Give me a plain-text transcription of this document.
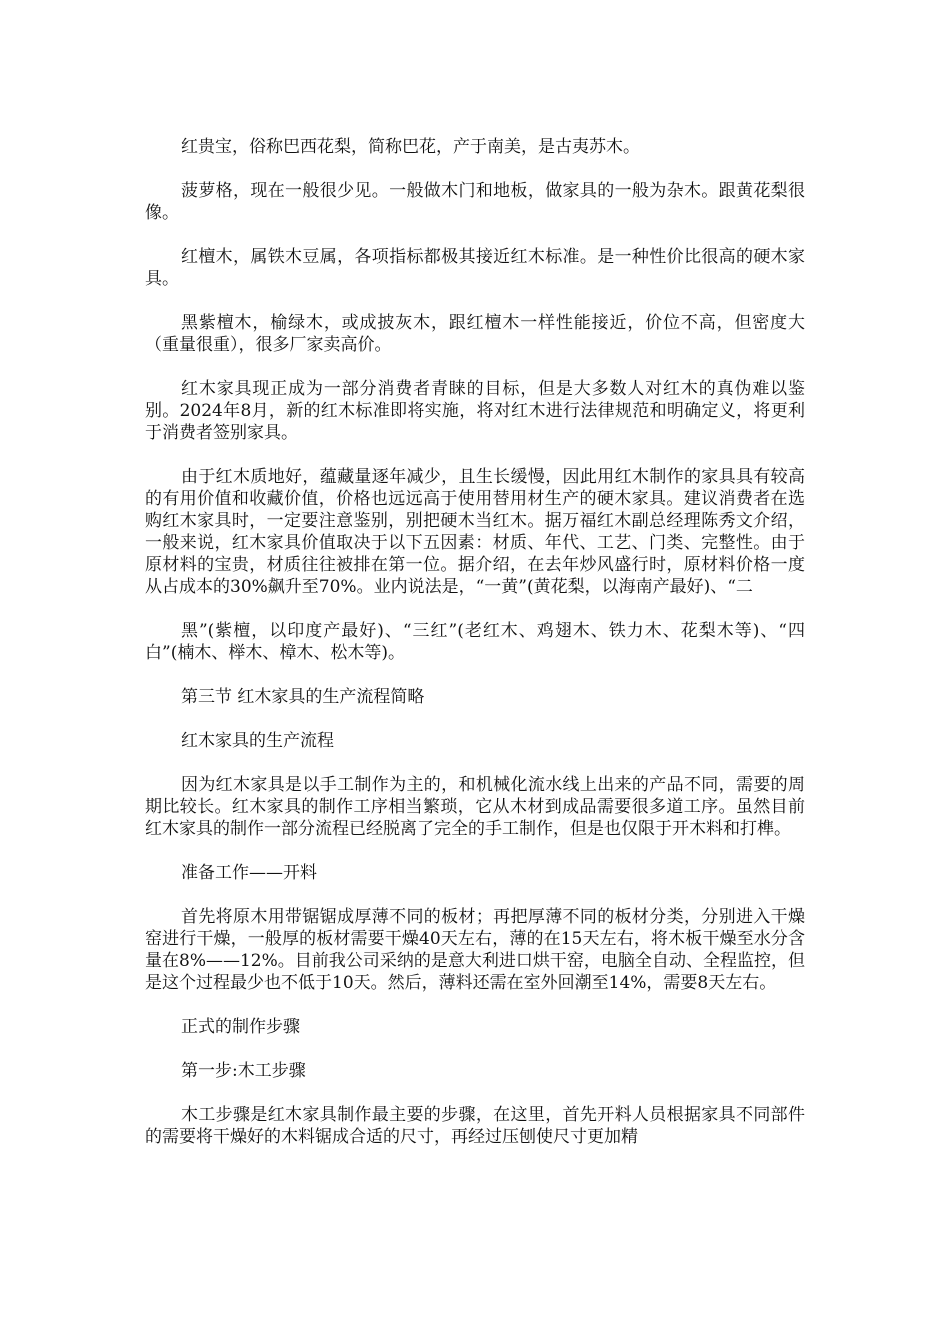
红贵宝，俗称巴西花梨，简称巴花，产于南美，是古夷苏木。

菠萝格，现在一般很少见。一般做木门和地板，做家具的一般为杂木。跟黄花梨很像。

红檀木，属铁木豆属，各项指标都极其接近红木标准。是一种性价比很高的硬木家具。

黑紫檀木，榆绿木，或成披灰木，跟红檀木一样性能接近，价位不高，但密度大（重量很重），很多厂家卖高价。

红木家具现正成为一部分消费者青睐的目标，但是大多数人对红木的真伪难以鉴别。2024年8月，新的红木标准即将实施，将对红木进行法律规范和明确定义，将更利于消费者签别家具。

由于红木质地好，蕴藏量逐年减少，且生长缓慢，因此用红木制作的家具具有较高的有用价值和收藏价值，价格也远远高于使用替用材生产的硬木家具。建议消费者在选购红木家具时，一定要注意鉴别，别把硬木当红木。据万福红木副总经理陈秀文介绍，一般来说，红木家具价值取决于以下五因素：材质、年代、工艺、门类、完整性。由于原材料的宝贵，材质往往被排在第一位。据介绍，在去年炒风盛行时，原材料价格一度从占成本的30%飙升至70%。业内说法是，“一黄”(黄花梨，以海南产最好)、“二

黑”(紫檀，以印度产最好)、“三红”(老红木、鸡翅木、铁力木、花梨木等)、“四白”(楠木、榉木、樟木、松木等)。

第三节 红木家具的生产流程简略

红木家具的生产流程

因为红木家具是以手工制作为主的，和机械化流水线上出来的产品不同，需要的周期比较长。红木家具的制作工序相当繁琐，它从木材到成品需要很多道工序。虽然目前红木家具的制作一部分流程已经脱离了完全的手工制作，但是也仅限于开木料和打榫。

准备工作——开料

首先将原木用带锯锯成厚薄不同的板材；再把厚薄不同的板材分类，分别进入干燥窑进行干燥，一般厚的板材需要干燥40天左右，薄的在15天左右，将木板干燥至水分含量在8%——12%。目前我公司采纳的是意大利进口烘干窑，电脑全自动、全程监控，但是这个过程最少也不低于10天。然后，薄料还需在室外回潮至14%，需要8天左右。

正式的制作步骤

第一步:木工步骤

木工步骤是红木家具制作最主要的步骤，在这里，首先开料人员根据家具不同部件的需要将干燥好的木料锯成合适的尺寸，再经过压刨使尺寸更加精
